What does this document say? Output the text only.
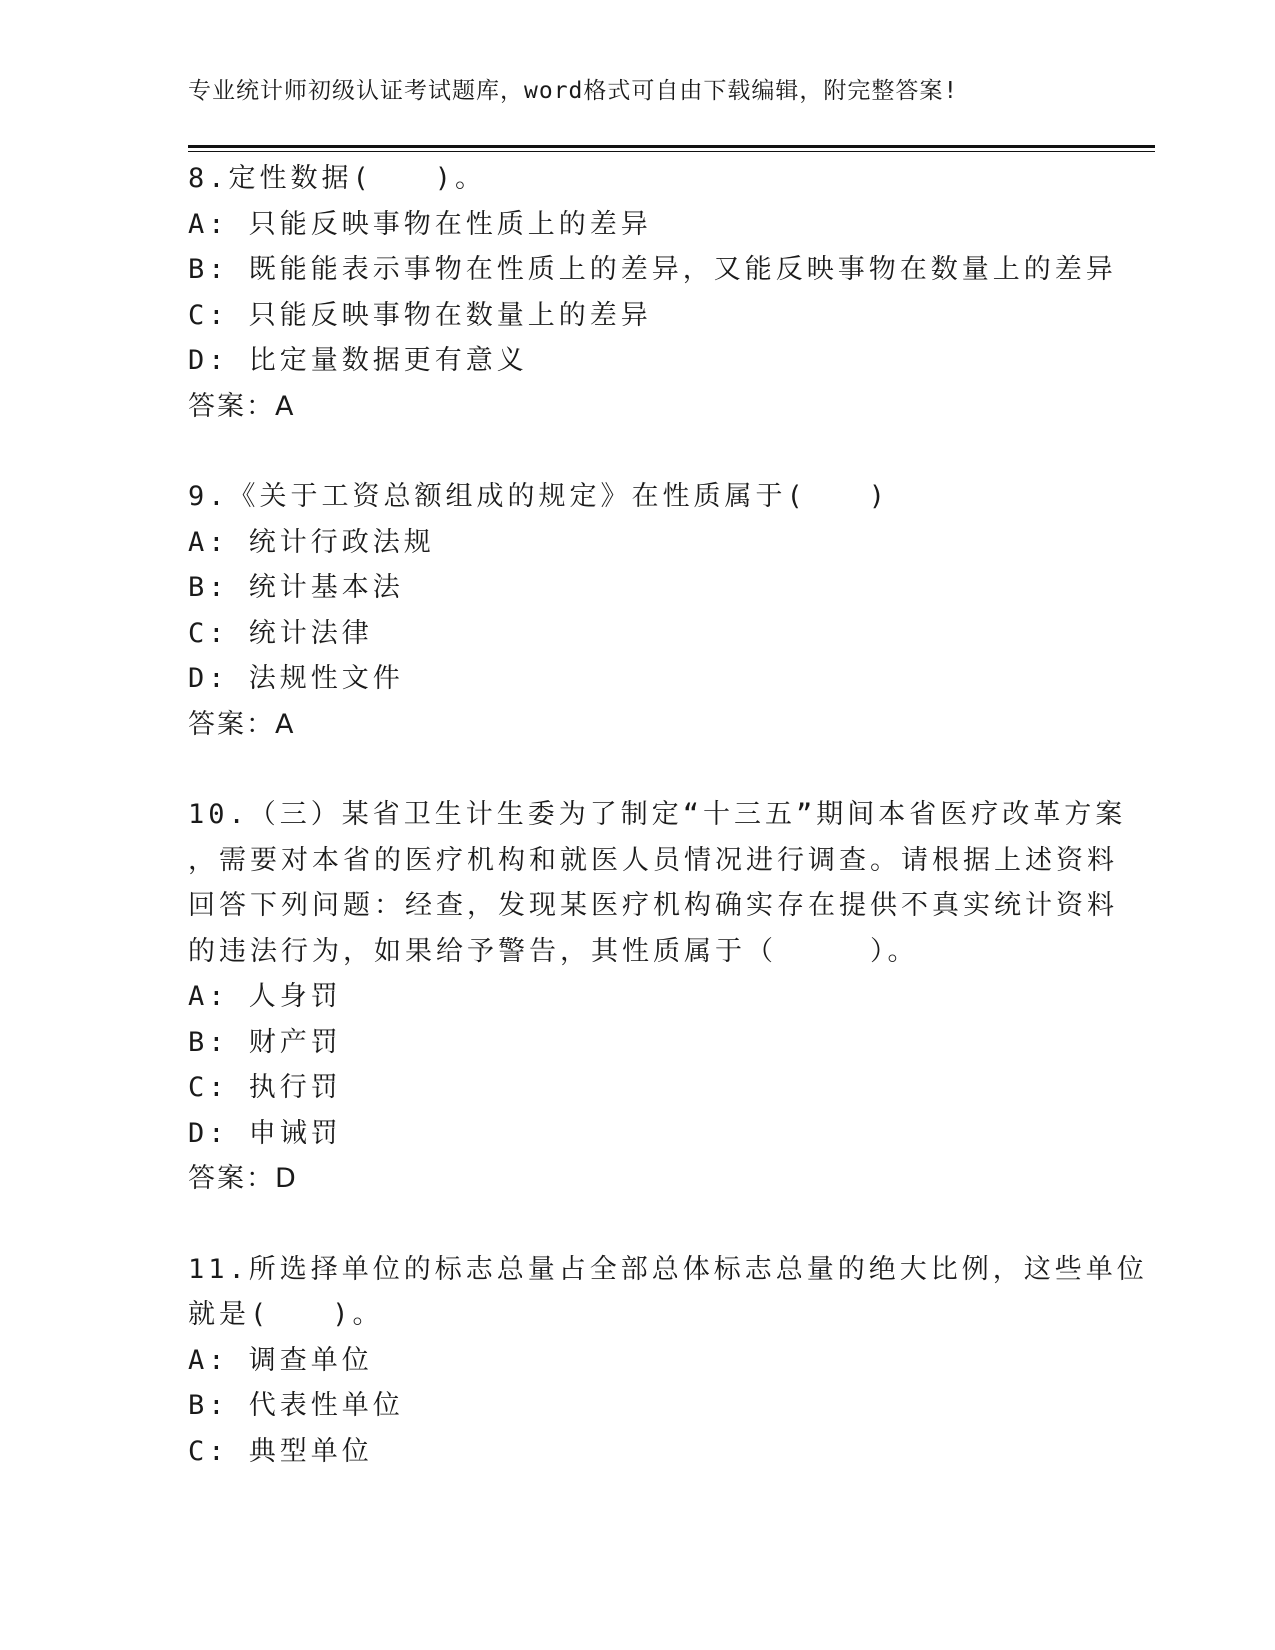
专业统计师初级认证考试题库，word格式可自由下载编辑，附完整答案!
8.定性数据(　　)。
A: 只能反映事物在性质上的差异
B: 既能能表示事物在性质上的差异，又能反映事物在数量上的差异
C: 只能反映事物在数量上的差异
D: 比定量数据更有意义
答案：A
9.《关于工资总额组成的规定》在性质属于(　　)
A: 统计行政法规
B: 统计基本法
C: 统计法律
D: 法规性文件
答案：A
10.（三）某省卫生计生委为了制定“十三五”期间本省医疗改革方案
，需要对本省的医疗机构和就医人员情况进行调查。请根据上述资料
回答下列问题：经查，发现某医疗机构确实存在提供不真实统计资料
的违法行为，如果给予警告，其性质属于（　　　）。
A: 人身罚
B: 财产罚
C: 执行罚
D: 申诫罚
答案：D
11.所选择单位的标志总量占全部总体标志总量的绝大比例，这些单位
就是(　　)。
A: 调查单位
B: 代表性单位
C: 典型单位
